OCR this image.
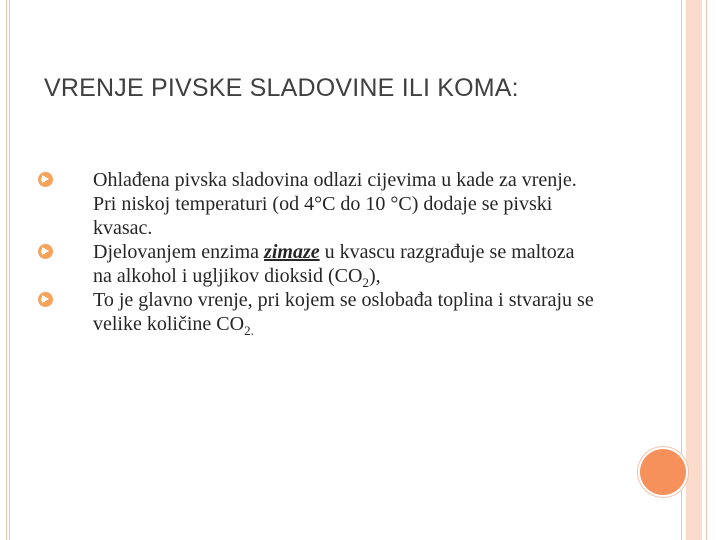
VRENJE PIVSKE SLADOVINE ILI KOMA:
Ohlađena pivska sladovina odlazi cijevima u kade za vrenje. Pri niskoj temperaturi (od 4°C do 10 °C) dodaje se pivski kvasac.
Djelovanjem enzima zimaze u kvascu razgrađuje se maltoza na alkohol i ugljikov dioksid $(CO_2)$,
To je glavno vrenje, pri kojem se oslobađa toplina i stvaraju se velike količine $CO_{2.}$
